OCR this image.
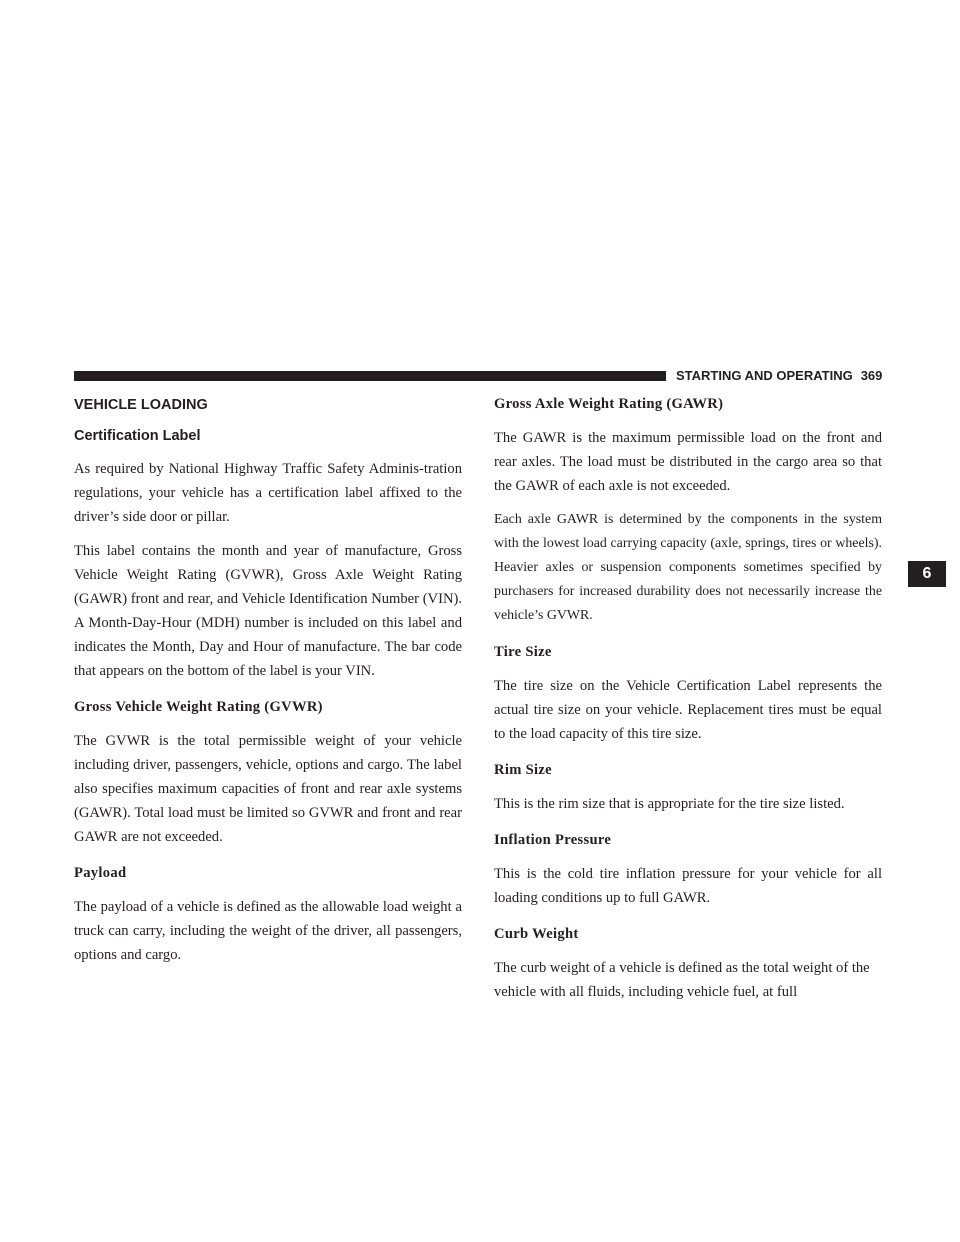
STARTING AND OPERATING 369
VEHICLE LOADING
Certification Label

As required by National Highway Traffic Safety Adminis-tration regulations, your vehicle has a certification label affixed to the driver’s side door or pillar.

This label contains the month and year of manufacture, Gross Vehicle Weight Rating (GVWR), Gross Axle Weight Rating (GAWR) front and rear, and Vehicle Identification Number (VIN). A Month-Day-Hour (MDH) number is included on this label and indicates the Month, Day and Hour of manufacture. The bar code that appears on the bottom of the label is your VIN.

Gross Vehicle Weight Rating (GVWR)

The GVWR is the total permissible weight of your vehicle including driver, passengers, vehicle, options and cargo. The label also specifies maximum capacities of front and rear axle systems (GAWR). Total load must be limited so GVWR and front and rear GAWR are not exceeded.

Payload

The payload of a vehicle is defined as the allowable load weight a truck can carry, including the weight of the driver, all passengers, options and cargo.

Gross Axle Weight Rating (GAWR)

The GAWR is the maximum permissible load on the front and rear axles. The load must be distributed in the cargo area so that the GAWR of each axle is not exceeded.

Each axle GAWR is determined by the components in the system with the lowest load carrying capacity (axle, springs, tires or wheels). Heavier axles or suspension components sometimes specified by purchasers for increased durability does not necessarily increase the vehicle’s GVWR.

Tire Size

The tire size on the Vehicle Certification Label represents the actual tire size on your vehicle. Replacement tires must be equal to the load capacity of this tire size.

Rim Size

This is the rim size that is appropriate for the tire size listed.

Inflation Pressure

This is the cold tire inflation pressure for your vehicle for all loading conditions up to full GAWR.

Curb Weight

The curb weight of a vehicle is defined as the total weight of the vehicle with all fluids, including vehicle fuel, at full

6
